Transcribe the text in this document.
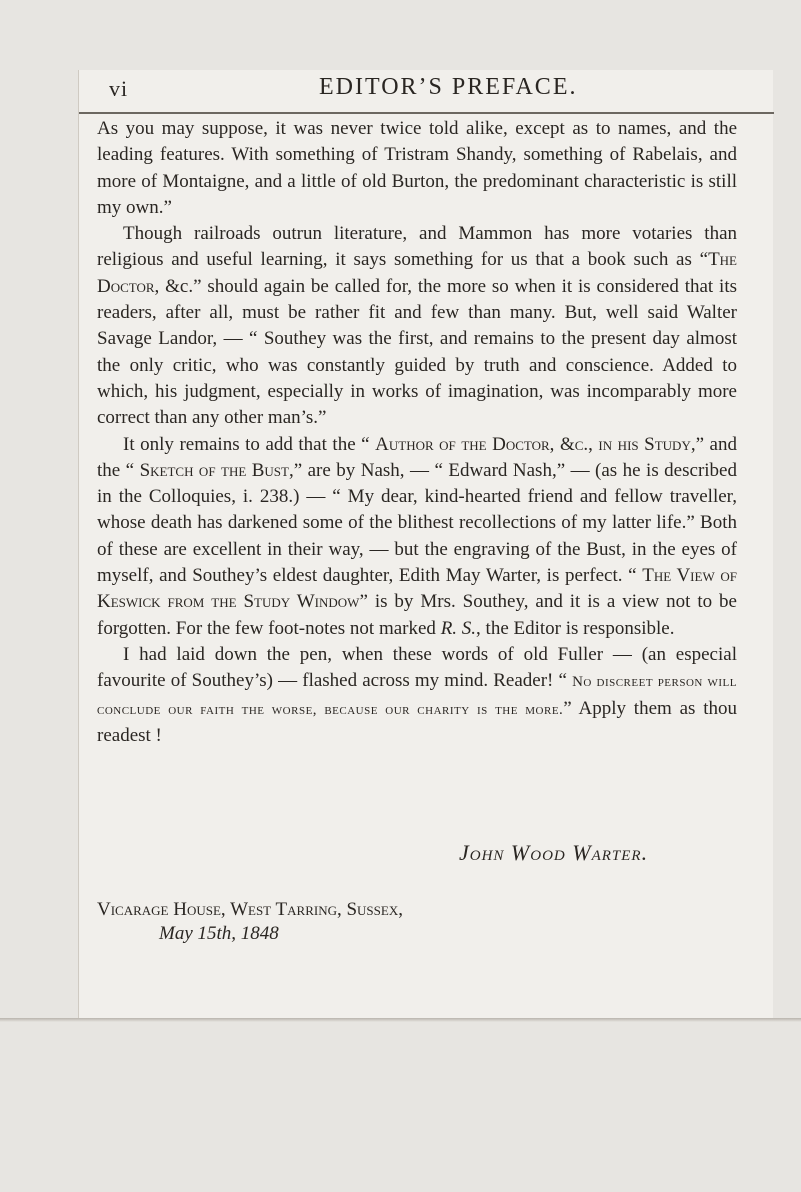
vi	EDITOR’S PREFACE.

As you may suppose, it was never twice told alike, except as to names, and the leading features. With something of Tristram Shandy, something of Rabelais, and more of Montaigne, and a little of old Burton, the predominant characteristic is still my own.”

Though railroads outrun literature, and Mammon has more votaries than religious and useful learning, it says something for us that a book such as “The Doctor, &c.” should again be called for, the more so when it is considered that its readers, after all, must be rather fit and few than many. But, well said Walter Savage Landor, — “ Southey was the first, and remains to the present day almost the only critic, who was constantly guided by truth and conscience. Added to which, his judgment, especially in works of imagination, was incomparably more correct than any other man’s.”

It only remains to add that the “ Author of the Doctor, &c., in his Study,” and the “ Sketch of the Bust,” are by Nash, — “ Edward Nash,” — (as he is described in the Colloquies, i. 238.) — “ My dear, kind-hearted friend and fellow traveller, whose death has darkened some of the blithest recollections of my latter life.” Both of these are excellent in their way, — but the engraving of the Bust, in the eyes of myself, and Southey’s eldest daughter, Edith May Warter, is perfect. “ The View of Keswick from the Study Window” is by Mrs. Southey, and it is a view not to be forgotten. For the few foot-notes not marked R. S., the Editor is responsible.

I had laid down the pen, when these words of old Fuller — (an especial favourite of Southey’s) — flashed across my mind. Reader! “ No discreet person will conclude our faith the worse, because our charity is the more.” Apply them as thou readest !

John Wood Warter.
Vicarage House, West Tarring, Sussex,
May 15th, 1848
